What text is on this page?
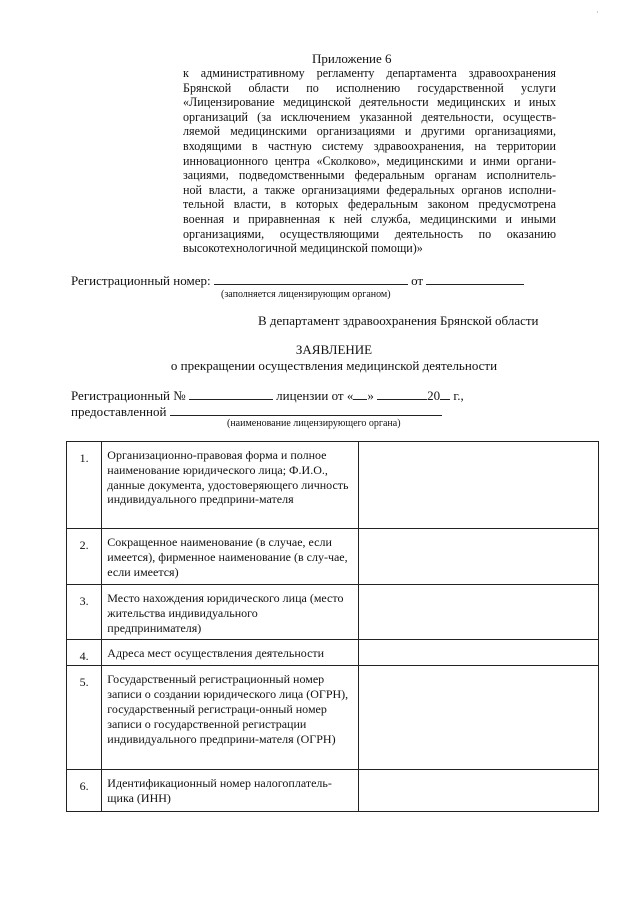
·
Приложение 6
к административному регламенту департамента здравоохранения
Брянской области по исполнению государственной услуги
«Лицензирование медицинской деятельности медицинских и иных
организаций (за исключением указанной деятельности, осуществ-
ляемой медицинскими организациями и другими организациями,
входящими в частную систему здравоохранения, на территории
инновационного центра «Сколково», медицинскими и инми органи-
зациями, подведомственными федеральным органам исполнитель-
ной власти, а также организациями федеральных органов исполни-
тельной власти, в которых федеральным законом предусмотрена
военная и приравненная к ней служба, медицинскими и иными
организациями, осуществляющими деятельность по оказанию
высокотехнологичной медицинской помощи)»
Регистрационный номер:	от
(заполняется лицензирующим органом)
В департамент здравоохранения Брянской области
ЗАЯВЛЕНИЕ
о прекращении осуществления медицинской деятельности
Регистрационный №	лицензии от « »	20 г.,
предоставленной
(наименование лицензирующего органа)
1.	Организационно-правовая форма и полное наименование юридического лица; Ф.И.О., данные документа, удостоверяющего личность индивидуального предприни-мателя	
2.	Сокращенное наименование (в случае, если имеется), фирменное наименование (в слу-чае, если имеется)	
3.	Место нахождения юридического лица (место жительства индивидуального предпринимателя)	
4.	Адреса мест осуществления деятельности	
5.	Государственный регистрационный номер записи о создании юридического лица (ОГРН), государственный регистраци-онный номер записи о государственной регистрации индивидуального предприни-мателя (ОГРН)	
6.	Идентификационный номер налогоплатель-щика (ИНН)	
